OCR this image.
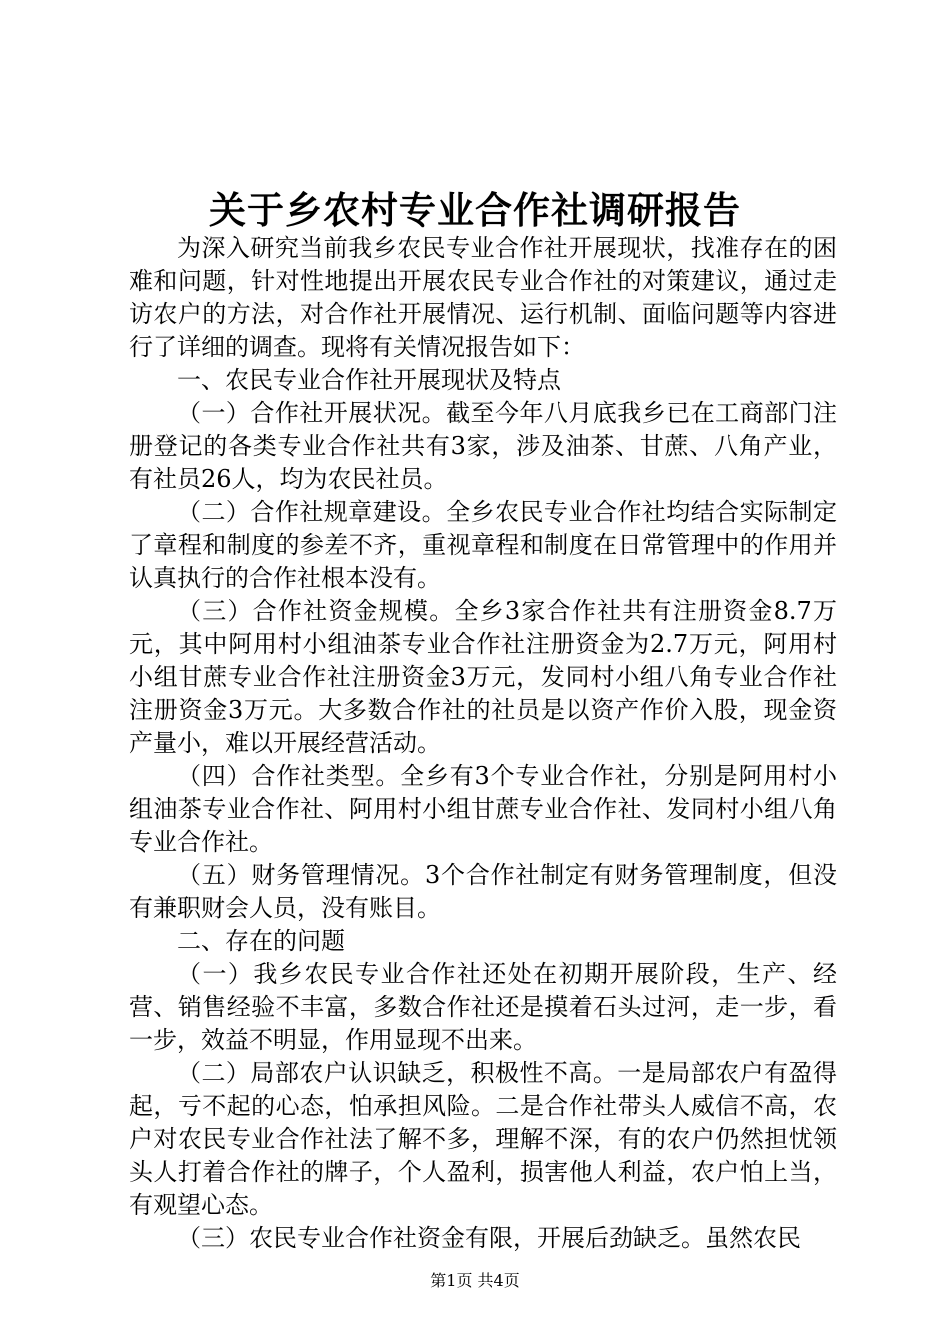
关于乡农村专业合作社调研报告

为深入研究当前我乡农民专业合作社开展现状，找准存在的困难和问题，针对性地提出开展农民专业合作社的对策建议，通过走访农户的方法，对合作社开展情况、运行机制、面临问题等内容进行了详细的调查。现将有关情况报告如下：

一、农民专业合作社开展现状及特点

（一）合作社开展状况。截至今年八月底我乡已在工商部门注册登记的各类专业合作社共有3家，涉及油茶、甘蔗、八角产业，有社员26人，均为农民社员。

（二）合作社规章建设。全乡农民专业合作社均结合实际制定了章程和制度的参差不齐，重视章程和制度在日常管理中的作用并认真执行的合作社根本没有。

（三）合作社资金规模。全乡3家合作社共有注册资金8.7万元，其中阿用村小组油茶专业合作社注册资金为2.7万元，阿用村小组甘蔗专业合作社注册资金3万元，发同村小组八角专业合作社注册资金3万元。大多数合作社的社员是以资产作价入股，现金资产量小，难以开展经营活动。

（四）合作社类型。全乡有3个专业合作社，分别是阿用村小组油茶专业合作社、阿用村小组甘蔗专业合作社、发同村小组八角专业合作社。

（五）财务管理情况。3个合作社制定有财务管理制度，但没有兼职财会人员，没有账目。

二、存在的问题

（一）我乡农民专业合作社还处在初期开展阶段，生产、经营、销售经验不丰富，多数合作社还是摸着石头过河，走一步，看一步，效益不明显，作用显现不出来。

（二）局部农户认识缺乏，积极性不高。一是局部农户有盈得起，亏不起的心态，怕承担风险。二是合作社带头人威信不高，农户对农民专业合作社法了解不多，理解不深，有的农户仍然担忧领头人打着合作社的牌子，个人盈利，损害他人利益，农户怕上当，有观望心态。

（三）农民专业合作社资金有限，开展后劲缺乏。虽然农民

第1页 共4页
